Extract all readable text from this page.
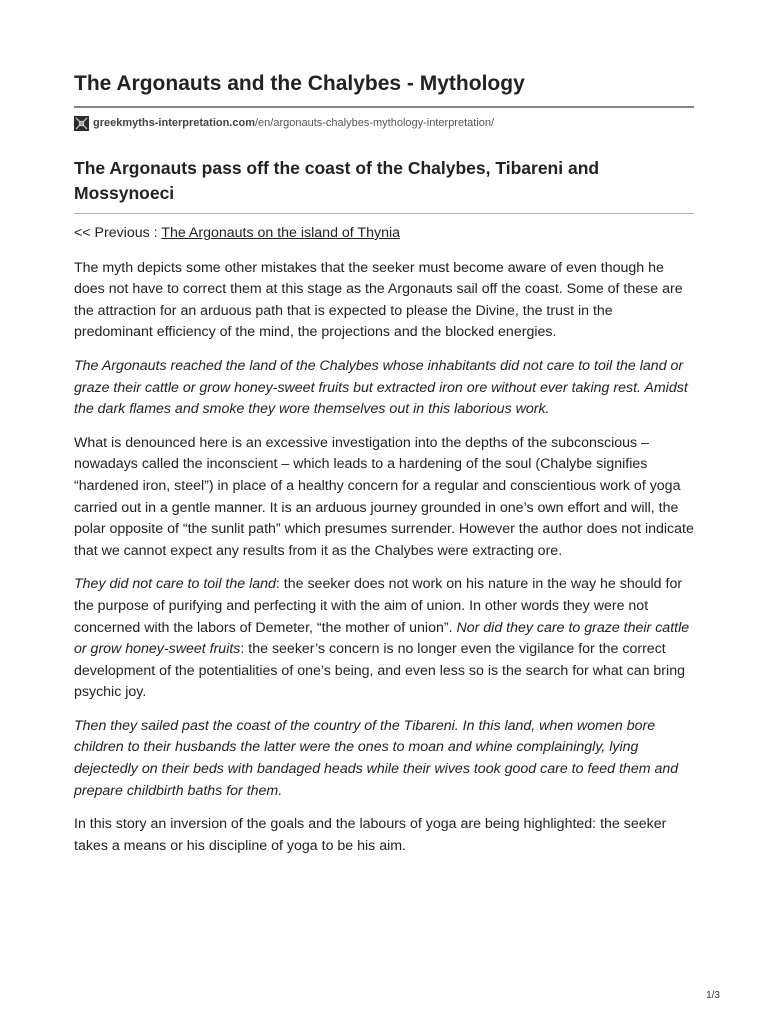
The Argonauts and the Chalybes - Mythology
greekmyths-interpretation.com /en/argonauts-chalybes-mythology-interpretation/
The Argonauts pass off the coast of the Chalybes, Tibareni and Mossynoeci

<< Previous : The Argonauts on the island of Thynia

The myth depicts some other mistakes that the seeker must become aware of even though he does not have to correct them at this stage as the Argonauts sail off the coast. Some of these are the attraction for an arduous path that is expected to please the Divine, the trust in the predominant efficiency of the mind, the projections and the blocked energies.

The Argonauts reached the land of the Chalybes whose inhabitants did not care to toil the land or graze their cattle or grow honey-sweet fruits but extracted iron ore without ever taking rest. Amidst the dark flames and smoke they wore themselves out in this laborious work.

What is denounced here is an excessive investigation into the depths of the subconscious – nowadays called the inconscient – which leads to a hardening of the soul (Chalybe signifies “hardened iron, steel”) in place of a healthy concern for a regular and conscientious work of yoga carried out in a gentle manner. It is an arduous journey grounded in one’s own effort and will, the polar opposite of “the sunlit path” which presumes surrender. However the author does not indicate that we cannot expect any results from it as the Chalybes were extracting ore.

They did not care to toil the land: the seeker does not work on his nature in the way he should for the purpose of purifying and perfecting it with the aim of union. In other words they were not concerned with the labors of Demeter, “the mother of union”. Nor did they care to graze their cattle or grow honey-sweet fruits: the seeker’s concern is no longer even the vigilance for the correct development of the potentialities of one’s being, and even less so is the search for what can bring psychic joy.

Then they sailed past the coast of the country of the Tibareni. In this land, when women bore children to their husbands the latter were the ones to moan and whine complainingly, lying dejectedly on their beds with bandaged heads while their wives took good care to feed them and prepare childbirth baths for them.

In this story an inversion of the goals and the labours of yoga are being highlighted: the seeker takes a means or his discipline of yoga to be his aim.

1/3
